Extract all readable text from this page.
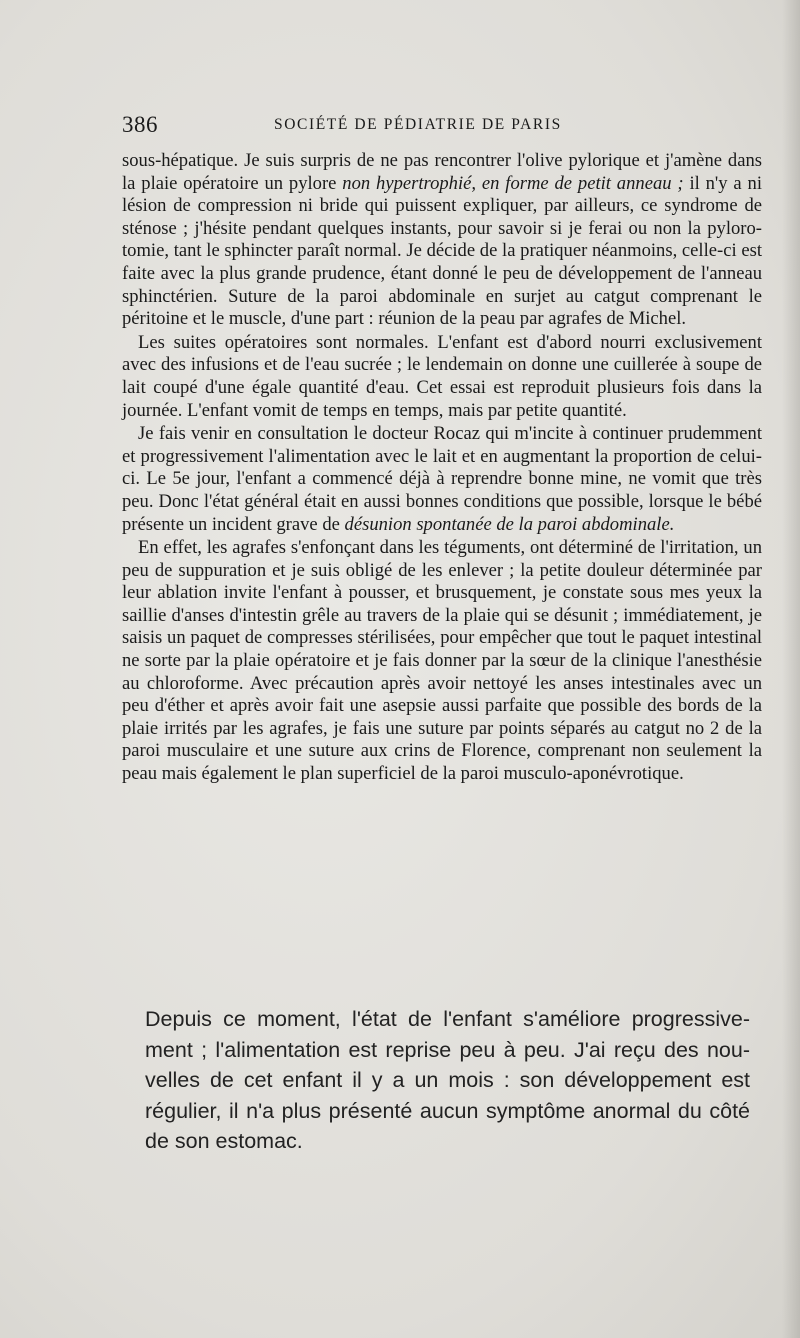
386	SOCIÉTÉ DE PÉDIATRIE DE PARIS

sous-hépatique. Je suis surpris de ne pas rencontrer l'olive pylorique et j'amène dans la plaie opératoire un pylore non hypertrophié, en forme de petit anneau ; il n'y a ni lésion de compression ni bride qui puissent expliquer, par ailleurs, ce syndrome de sténose ; j'hésite pendant quelques instants, pour savoir si je ferai ou non la pylorotomie, tant le sphincter paraît normal. Je décide de la pratiquer néanmoins, celle-ci est faite avec la plus grande prudence, étant donné le peu de développement de l'anneau sphinctérien. Suture de la paroi abdominale en surjet au catgut comprenant le péritoine et le muscle, d'une part : réunion de la peau par agrafes de Michel.

Les suites opératoires sont normales. L'enfant est d'abord nourri exclusivement avec des infusions et de l'eau sucrée ; le lendemain on donne une cuillerée à soupe de lait coupé d'une égale quantité d'eau. Cet essai est reproduit plusieurs fois dans la journée. L'enfant vomit de temps en temps, mais par petite quantité.

Je fais venir en consultation le docteur Rocaz qui m'incite à continuer prudemment et progressivement l'alimentation avec le lait et en augmentant la proportion de celui-ci. Le 5e jour, l'enfant a commencé déjà à reprendre bonne mine, ne vomit que très peu. Donc l'état général était en aussi bonnes conditions que possible, lorsque le bébé présente un incident grave de désunion spontanée de la paroi abdominale.

En effet, les agrafes s'enfonçant dans les téguments, ont déterminé de l'irritation, un peu de suppuration et je suis obligé de les enlever ; la petite douleur déterminée par leur ablation invite l'enfant à pousser, et brusquement, je constate sous mes yeux la saillie d'anses d'intestin grêle au travers de la plaie qui se désunit ; immédiatement, je saisis un paquet de compresses stérilisées, pour empêcher que tout le paquet intestinal ne sorte par la plaie opératoire et je fais donner par la sœur de la clinique l'anesthésie au chloroforme. Avec précaution après avoir nettoyé les anses intestinales avec un peu d'éther et après avoir fait une asepsie aussi parfaite que possible des bords de la plaie irrités par les agrafes, je fais une suture par points séparés au catgut no 2 de la paroi musculaire et une suture aux crins de Florence, comprenant non seulement la peau mais également le plan superficiel de la paroi musculo-aponévrotique.

Depuis ce moment, l'état de l'enfant s'améliore progressivement ; l'alimentation est reprise peu à peu. J'ai reçu des nouvelles de cet enfant il y a un mois : son développement est régulier, il n'a plus présenté aucun symptôme anormal du côté de son estomac.
